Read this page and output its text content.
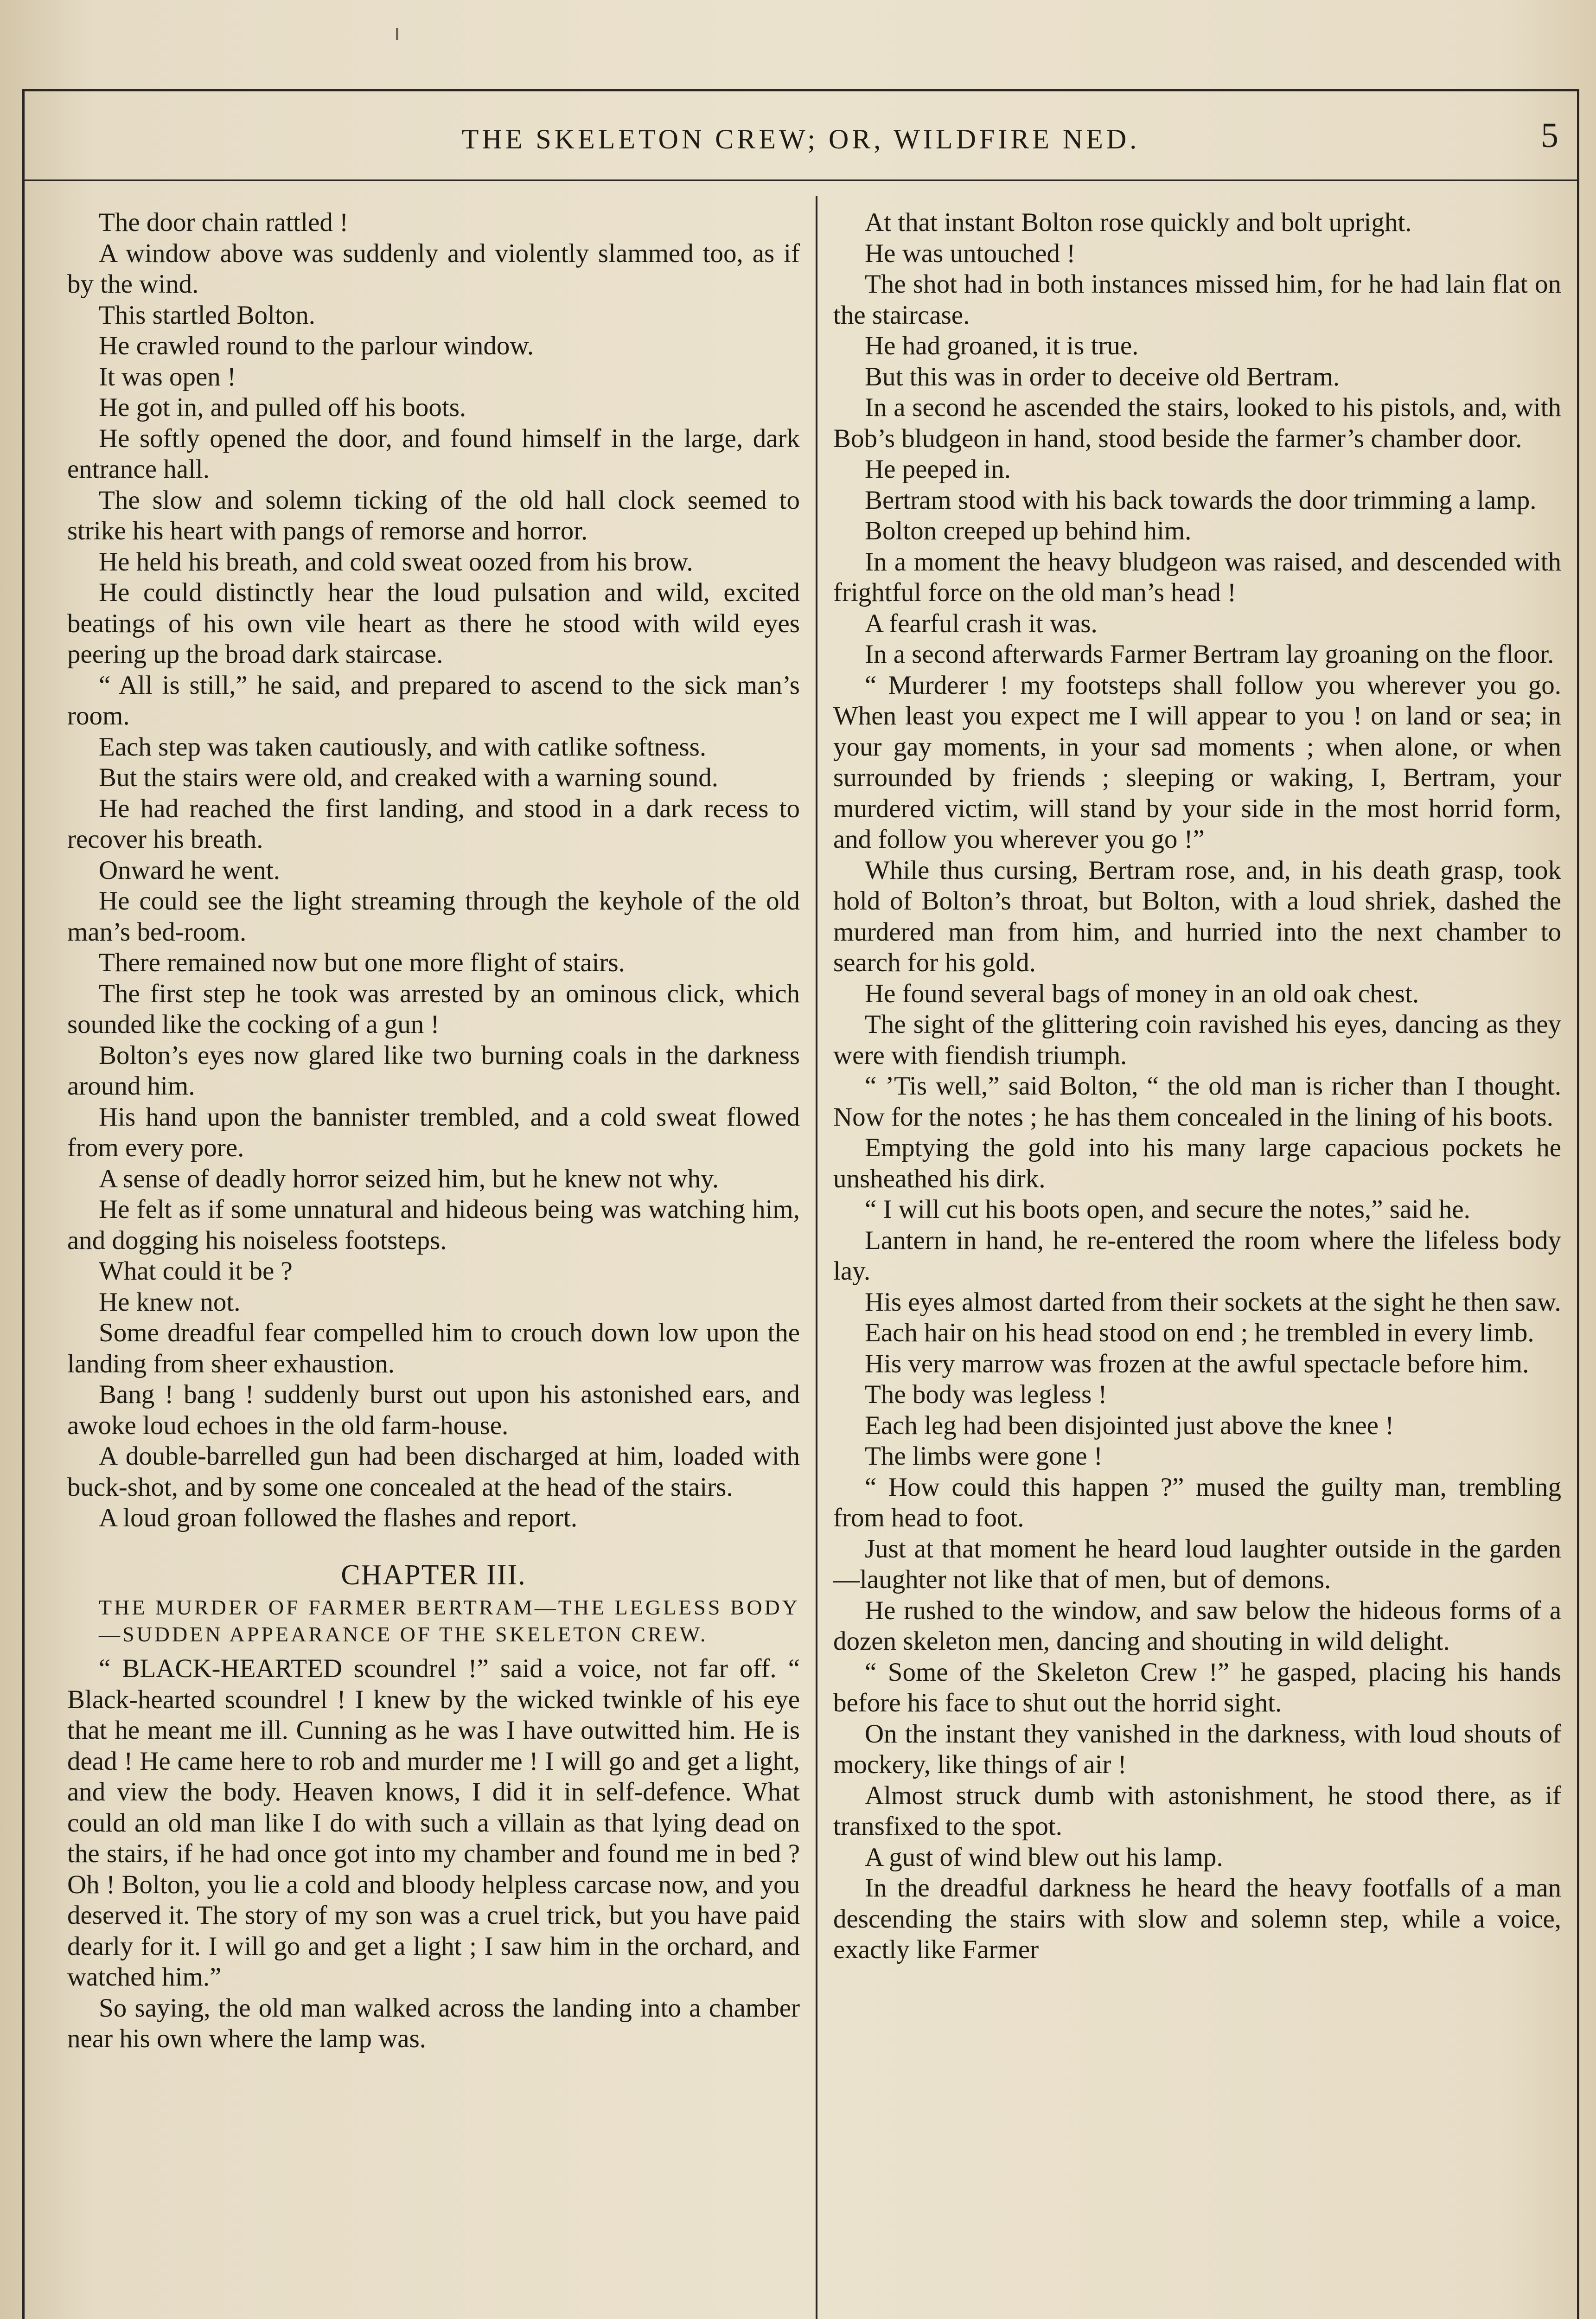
THE SKELETON CREW; OR, WILDFIRE NED.	5

The door chain rattled !

A window above was suddenly and violently slammed too, as if by the wind.

This startled Bolton.

He crawled round to the parlour window.

It was open !

He got in, and pulled off his boots.

He softly opened the door, and found himself in the large, dark entrance hall.

The slow and solemn ticking of the old hall clock seemed to strike his heart with pangs of remorse and horror.

He held his breath, and cold sweat oozed from his brow.

He could distinctly hear the loud pulsation and wild, excited beatings of his own vile heart as there he stood with wild eyes peering up the broad dark staircase.

“ All is still,” he said, and prepared to ascend to the sick man’s room.

Each step was taken cautiously, and with catlike softness.

But the stairs were old, and creaked with a warning sound.

He had reached the first landing, and stood in a dark recess to recover his breath.

Onward he went.

He could see the light streaming through the keyhole of the old man’s bed-room.

There remained now but one more flight of stairs.

The first step he took was arrested by an ominous click, which sounded like the cocking of a gun !

Bolton’s eyes now glared like two burning coals in the darkness around him.

His hand upon the bannister trembled, and a cold sweat flowed from every pore.

A sense of deadly horror seized him, but he knew not why.

He felt as if some unnatural and hideous being was watching him, and dogging his noiseless footsteps.

What could it be ?

He knew not.

Some dreadful fear compelled him to crouch down low upon the landing from sheer exhaustion.

Bang ! bang ! suddenly burst out upon his astonished ears, and awoke loud echoes in the old farm-house.

A double-barrelled gun had been discharged at him, loaded with buck-shot, and by some one concealed at the head of the stairs.

A loud groan followed the flashes and report.

CHAPTER III.
THE MURDER OF FARMER BERTRAM—THE LEGLESS BODY—SUDDEN APPEARANCE OF THE SKELETON CREW.

“ BLACK-HEARTED scoundrel !” said a voice, not far off. “ Black-hearted scoundrel ! I knew by the wicked twinkle of his eye that he meant me ill. Cunning as he was I have outwitted him. He is dead ! He came here to rob and murder me ! I will go and get a light, and view the body. Heaven knows, I did it in self-defence. What could an old man like I do with such a villain as that lying dead on the stairs, if he had once got into my chamber and found me in bed ? Oh ! Bolton, you lie a cold and bloody helpless carcase now, and you deserved it. The story of my son was a cruel trick, but you have paid dearly for it. I will go and get a light ; I saw him in the orchard, and watched him.”

So saying, the old man walked across the landing into a chamber near his own where the lamp was.

At that instant Bolton rose quickly and bolt upright.

He was untouched !

The shot had in both instances missed him, for he had lain flat on the staircase.

He had groaned, it is true.

But this was in order to deceive old Bertram.

In a second he ascended the stairs, looked to his pistols, and, with Bob’s bludgeon in hand, stood beside the farmer’s chamber door.

He peeped in.

Bertram stood with his back towards the door trimming a lamp.

Bolton creeped up behind him.

In a moment the heavy bludgeon was raised, and descended with frightful force on the old man’s head !

A fearful crash it was.

In a second afterwards Farmer Bertram lay groaning on the floor.

“ Murderer ! my footsteps shall follow you wherever you go. When least you expect me I will appear to you ! on land or sea; in your gay moments, in your sad moments ; when alone, or when surrounded by friends ; sleeping or waking, I, Bertram, your murdered victim, will stand by your side in the most horrid form, and follow you wherever you go !”

While thus cursing, Bertram rose, and, in his death grasp, took hold of Bolton’s throat, but Bolton, with a loud shriek, dashed the murdered man from him, and hurried into the next chamber to search for his gold.

He found several bags of money in an old oak chest.

The sight of the glittering coin ravished his eyes, dancing as they were with fiendish triumph.

“ ’Tis well,” said Bolton, “ the old man is richer than I thought. Now for the notes ; he has them concealed in the lining of his boots.

Emptying the gold into his many large capacious pockets he unsheathed his dirk.

“ I will cut his boots open, and secure the notes,” said he.

Lantern in hand, he re-entered the room where the lifeless body lay.

His eyes almost darted from their sockets at the sight he then saw.

Each hair on his head stood on end ; he trembled in every limb.

His very marrow was frozen at the awful spectacle before him.

The body was legless !

Each leg had been disjointed just above the knee !

The limbs were gone !

“ How could this happen ?” mused the guilty man, trembling from head to foot.

Just at that moment he heard loud laughter outside in the garden—laughter not like that of men, but of demons.

He rushed to the window, and saw below the hideous forms of a dozen skeleton men, dancing and shouting in wild delight.

“ Some of the Skeleton Crew !” he gasped, placing his hands before his face to shut out the horrid sight.

On the instant they vanished in the darkness, with loud shouts of mockery, like things of air !

Almost struck dumb with astonishment, he stood there, as if transfixed to the spot.

A gust of wind blew out his lamp.

In the dreadful darkness he heard the heavy footfalls of a man descending the stairs with slow and solemn step, while a voice, exactly like Farmer
